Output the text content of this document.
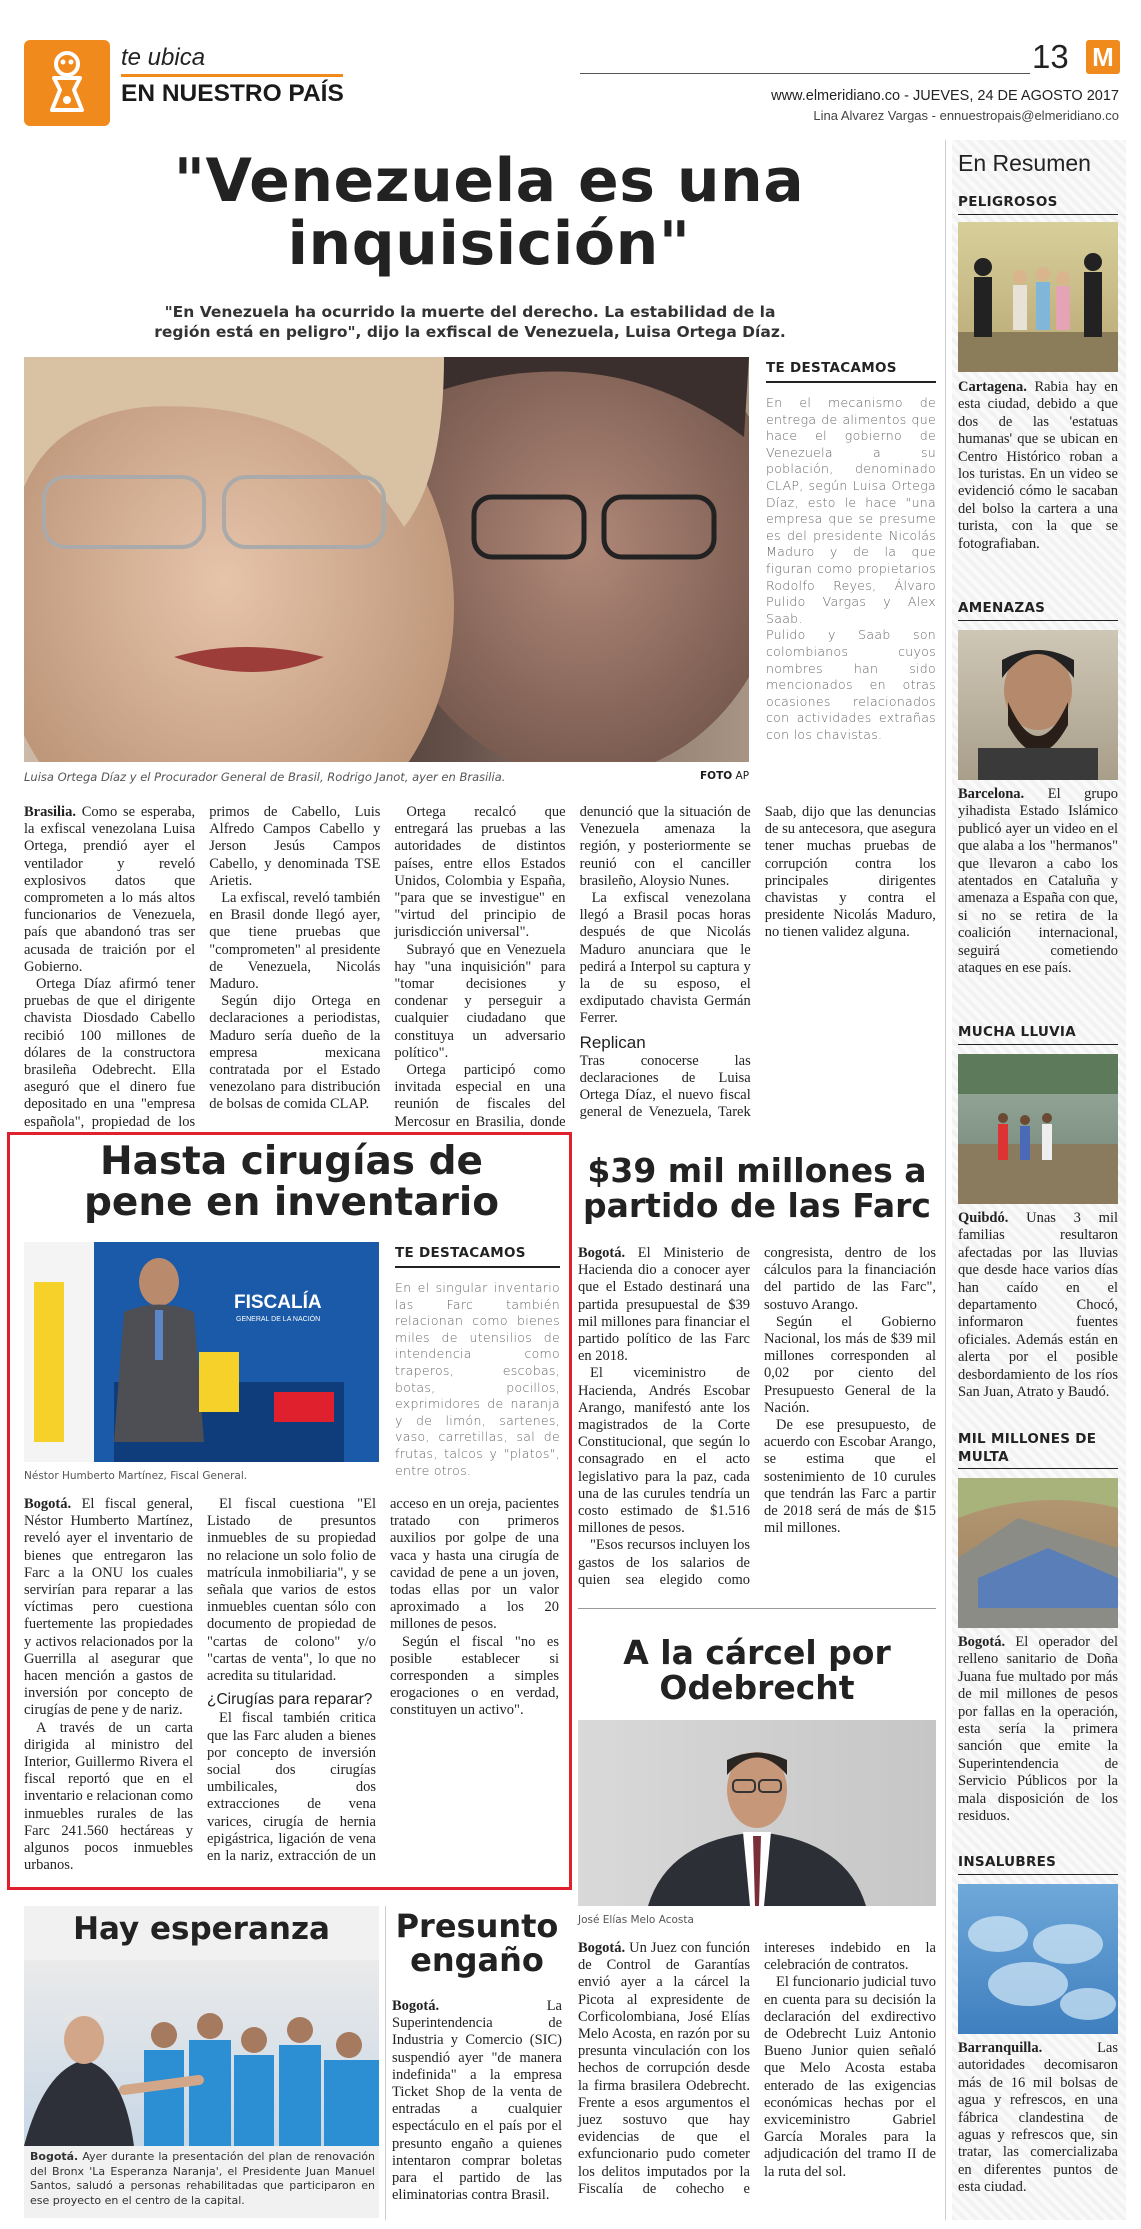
te ubica
EN NUESTRO PAÍS
13 M
www.elmeridiano.co - JUEVES, 24 DE AGOSTO 2017
Lina Alvarez Vargas - ennuestropais@elmeridiano.co
"Venezuela es una
inquisición"
"En Venezuela ha ocurrido la muerte del derecho. La estabilidad de la región está en peligro", dijo la exfiscal de Venezuela, Luisa Ortega Díaz.
Luisa Ortega Díaz y el Procurador General de Brasil, Rodrigo Janot, ayer en Brasilia.	FOTO AP
TE DESTACAMOS
En el mecanismo de entrega de alimentos que hace el gobierno de Venezuela a su población, denominado CLAP, según Luisa Ortega Díaz, esto le hace "una empresa que se presume es del presidente Nicolás Maduro y de la que figuran como propietarios Rodolfo Reyes, Álvaro Pulido Vargas y Alex Saab.
Pulido y Saab son colombianos cuyos nombres han sido mencionados en otras ocasiones relacionados con actividades extrañas con los chavistas.

Brasilia. Como se esperaba, la exfiscal venezolana Luisa Ortega, prendió ayer el ventilador y reveló explosivos datos que comprometen a lo más altos funcionarios de Venezuela, país que abandonó tras ser acusada de traición por el Gobierno.

Ortega Díaz afirmó tener pruebas de que el dirigente chavista Diosdado Cabello recibió 100 millones de dólares de la constructora brasileña Odebrecht. Ella aseguró que el dinero fue depositado en una "empresa española", propiedad de los primos de Cabello, Luis Alfredo Campos Cabello y Jerson Jesús Campos Cabello, y denominada TSE Arietis.

La exfiscal, reveló también en Brasil donde llegó ayer, que tiene pruebas que "comprometen" al presidente de Venezuela, Nicolás Maduro.

Según dijo Ortega en declaraciones a periodistas, Maduro sería dueño de la empresa mexicana contratada por el Estado venezolano para distribución de bolsas de comida CLAP.

Ortega recalcó que entregará las pruebas a las autoridades de distintos países, entre ellos Estados Unidos, Colombia y España, "para que se investigue" en "virtud del principio de jurisdicción universal".

Subrayó que en Venezuela hay "una inquisición" para "tomar decisiones y condenar y perseguir a cualquier ciudadano que constituya un adversario político".

Ortega participó como invitada especial en una reunión de fiscales del Mercosur en Brasilia, donde denunció que la situación de Venezuela amenaza la región, y posteriormente se reunió con el canciller brasileño, Aloysio Nunes.

La exfiscal venezolana llegó a Brasil pocas horas después de que Nicolás Maduro anunciara que le pedirá a Interpol su captura y la de su esposo, el exdiputado chavista Germán Ferrer.

Replican

Tras conocerse las declaraciones de Luisa Ortega Díaz, el nuevo fiscal general de Venezuela, Tarek Saab, dijo que las denuncias de su antecesora, que asegura tener muchas pruebas de corrupción contra los principales dirigentes chavistas y contra el presidente Nicolás Maduro, no tienen validez alguna.

En Resumen
PELIGROSOS
Cartagena. Rabia hay en esta ciudad, debido a que dos de las 'estatuas humanas' que se ubican en Centro Histórico roban a los turistas. En un video se evidenció cómo le sacaban del bolso la cartera a una turista, con la que se fotografiaban.
AMENAZAS
Barcelona. El grupo yihadista Estado Islámico publicó ayer un video en el que alaba a los "hermanos" que llevaron a cabo los atentados en Cataluña y amenaza a España con que, si no se retira de la coalición internacional, seguirá cometiendo ataques en ese país.
MUCHA LLUVIA
Quibdó. Unas 3 mil familias resultaron afectadas por las lluvias que desde hace varios días han caído en el departamento Chocó, informaron fuentes oficiales. Además están en alerta por el posible desbordamiento de los ríos San Juan, Atrato y Baudó.
MIL MILLONES DE MULTA
Bogotá. El operador del relleno sanitario de Doña Juana fue multado por más de mil millones de pesos por fallas en la operación, esta sería la primera sanción que emite la Superintendencia de Servicio Públicos por la mala disposición de los residuos.
INSALUBRES
Barranquilla.	Las autoridades decomisaron más de 16 mil bolsas de agua y refrescos, en una fábrica clandestina de aguas y refrescos que, sin tratar, las comercializaba en diferentes puntos de esta ciudad.
Hasta cirugías de
pene en inventario
FISCALÍA
GENERAL DE LA NACIÓN
Néstor Humberto Martínez, Fiscal General.
TE DESTACAMOS
En el singular inventario las Farc también relacionan como bienes miles de utensilios de intendencia como traperos, escobas, botas, pocillos, exprimidores de naranja y de limón, sartenes, vaso, carretillas, sal de frutas, talcos y "platos", entre otros.

Bogotá. El fiscal general, Néstor Humberto Martínez, reveló ayer el inventario de bienes que entregaron las Farc a la ONU los cuales servirían para reparar a las víctimas pero cuestiona fuertemente las propiedades y activos relacionados por la Guerrilla al asegurar que hacen mención a gastos de inversión por concepto de cirugías de pene y de nariz.

A través de un carta dirigida al ministro del Interior, Guillermo Rivera el fiscal reportó que en el inventario e relacionan como inmuebles rurales de las Farc 241.560 hectáreas y algunos pocos inmuebles urbanos.

El fiscal cuestiona "El Listado de presuntos inmuebles de su propiedad no relacione un solo folio de matrícula inmobiliaria", y se señala que varios de estos inmuebles cuentan sólo con documento de propiedad de "cartas de colono" y/o "cartas de venta", lo que no acredita su titularidad.

¿Cirugías para reparar?

El fiscal también critica que las Farc aluden a bienes por concepto de inversión social dos cirugías umbilicales, dos extracciones de vena varices, cirugía de hernia epigástrica, ligación de vena en la nariz, extracción de un acceso en un oreja, pacientes tratado con primeros auxilios por golpe de una vaca y hasta una cirugía de cavidad de pene a un joven, todas ellas por un valor aproximado a los 20 millones de pesos.

Según el fiscal "no es posible establecer si corresponden a simples erogaciones o en verdad, constituyen un activo".

$39 mil millones a
partido de las Farc

Bogotá. El Ministerio de Hacienda dio a conocer ayer que el Estado destinará una partida presupuestal de $39 mil millones para financiar el partido político de las Farc en 2018.

El viceministro de Hacienda, Andrés Escobar Arango, manifestó ante los magistrados de la Corte Constitucional, que según lo consagrado en el acto legislativo para la paz, cada una de las curules tendría un costo estimado de $1.516 millones de pesos.

"Esos recursos incluyen los gastos de los salarios de quien sea elegido como congresista, dentro de los cálculos para la financiación del partido de las Farc", sostuvo Arango.

Según el Gobierno Nacional, los más de $39 mil millones corresponden al 0,02 por ciento del Presupuesto General de la Nación.

De ese presupuesto, de acuerdo con Escobar Arango, se estima que el sostenimiento de 10 curules que tendrán las Farc a partir de 2018 será de más de $15 mil millones.

A la cárcel por
Odebrecht
José Elías Melo Acosta

Bogotá. Un Juez con función de Control de Garantías envió ayer a la cárcel la Picota al expresidente de Corficolombiana, José Elías Melo Acosta, en razón por su presunta vinculación con los hechos de corrupción desde la firma brasilera Odebrecht. Frente a esos argumentos el juez sostuvo que hay evidencias de que el exfuncionario pudo cometer los delitos imputados por la Fiscalía de cohecho e intereses indebido en la celebración de contratos.

El funcionario judicial tuvo en cuenta para su decisión la declaración del exdirectivo de Odebrecht Luiz Antonio Bueno Junior quien señaló que Melo Acosta estaba enterado de las exigencias económicas hechas por el exviceministro Gabriel García Morales para la adjudicación del tramo II de la ruta del sol.

Hay esperanza
Bogotá. Ayer durante la presentación del plan de renovación del Bronx 'La Esperanza Naranja', el Presidente Juan Manuel Santos, saludó a personas rehabilitadas que participaron en ese proyecto en el centro de la capital.
Presunto
engaño

Bogotá.	La Superintendencia de Industria y Comercio (SIC) suspendió ayer "de manera indefinida" a la empresa Ticket Shop de la venta de entradas a cualquier espectáculo en el país por el presunto engaño a quienes intentaron comprar boletas para el partido de las eliminatorias contra Brasil.
